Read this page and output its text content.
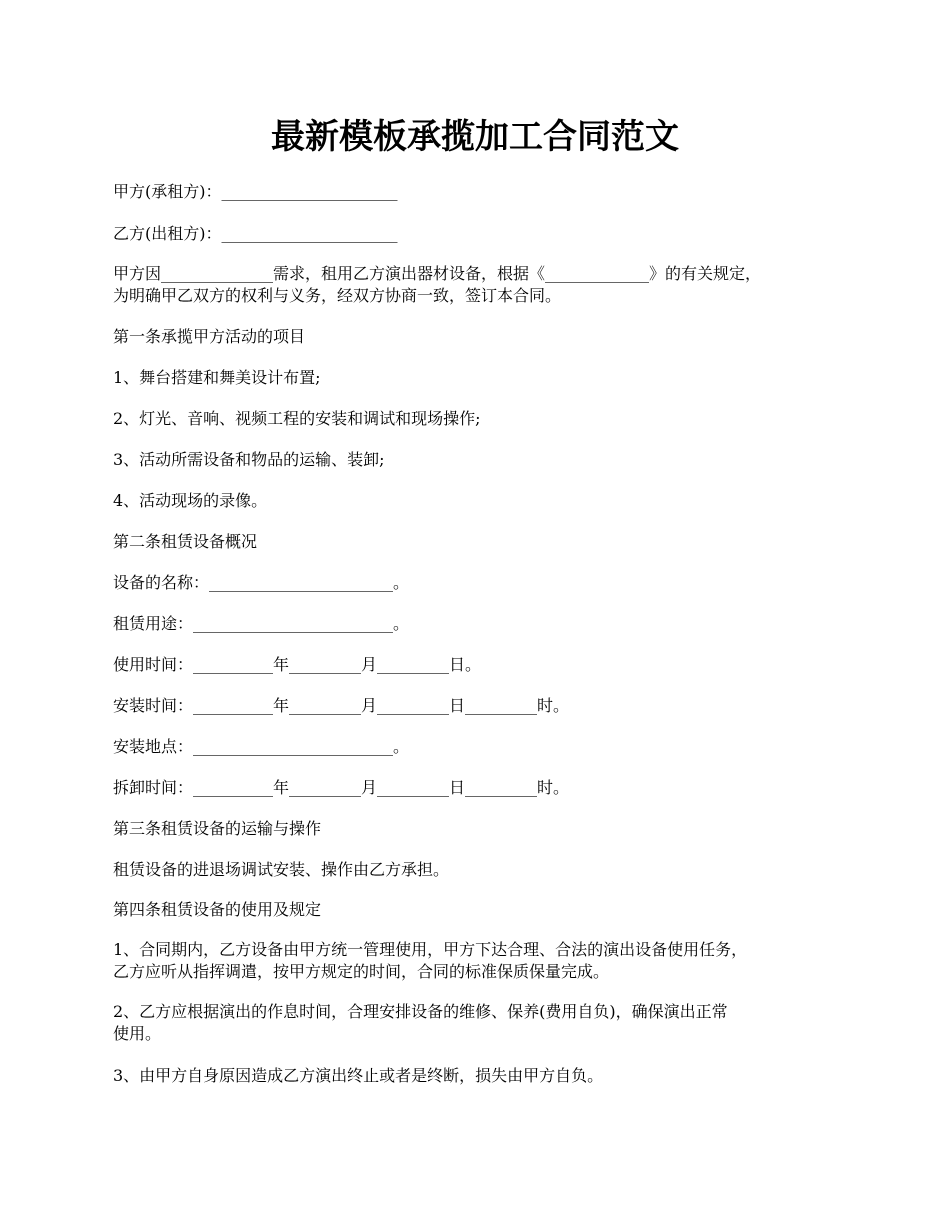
最新模板承揽加工合同范文

甲方(承租方)：______________________

乙方(出租方)：______________________

甲方因______________需求，租用乙方演出器材设备，根据《_____________》的有关规定，
为明确甲乙双方的权利与义务，经双方协商一致，签订本合同。

第一条承揽甲方活动的项目

1、舞台搭建和舞美设计布置;

2、灯光、音响、视频工程的安装和调试和现场操作;

3、活动所需设备和物品的运输、装卸;

4、活动现场的录像。

第二条租赁设备概况

设备的名称：_______________________。

租赁用途：_________________________。

使用时间：__________年_________月_________日。

安装时间：__________年_________月_________日_________时。

安装地点：_________________________。

拆卸时间：__________年_________月_________日_________时。

第三条租赁设备的运输与操作

租赁设备的进退场调试安装、操作由乙方承担。

第四条租赁设备的使用及规定

1、合同期内，乙方设备由甲方统一管理使用，甲方下达合理、合法的演出设备使用任务，
乙方应听从指挥调遣，按甲方规定的时间，合同的标准保质保量完成。

2、乙方应根据演出的作息时间，合理安排设备的维修、保养(费用自负)，确保演出正常
使用。

3、由甲方自身原因造成乙方演出终止或者是终断，损失由甲方自负。
